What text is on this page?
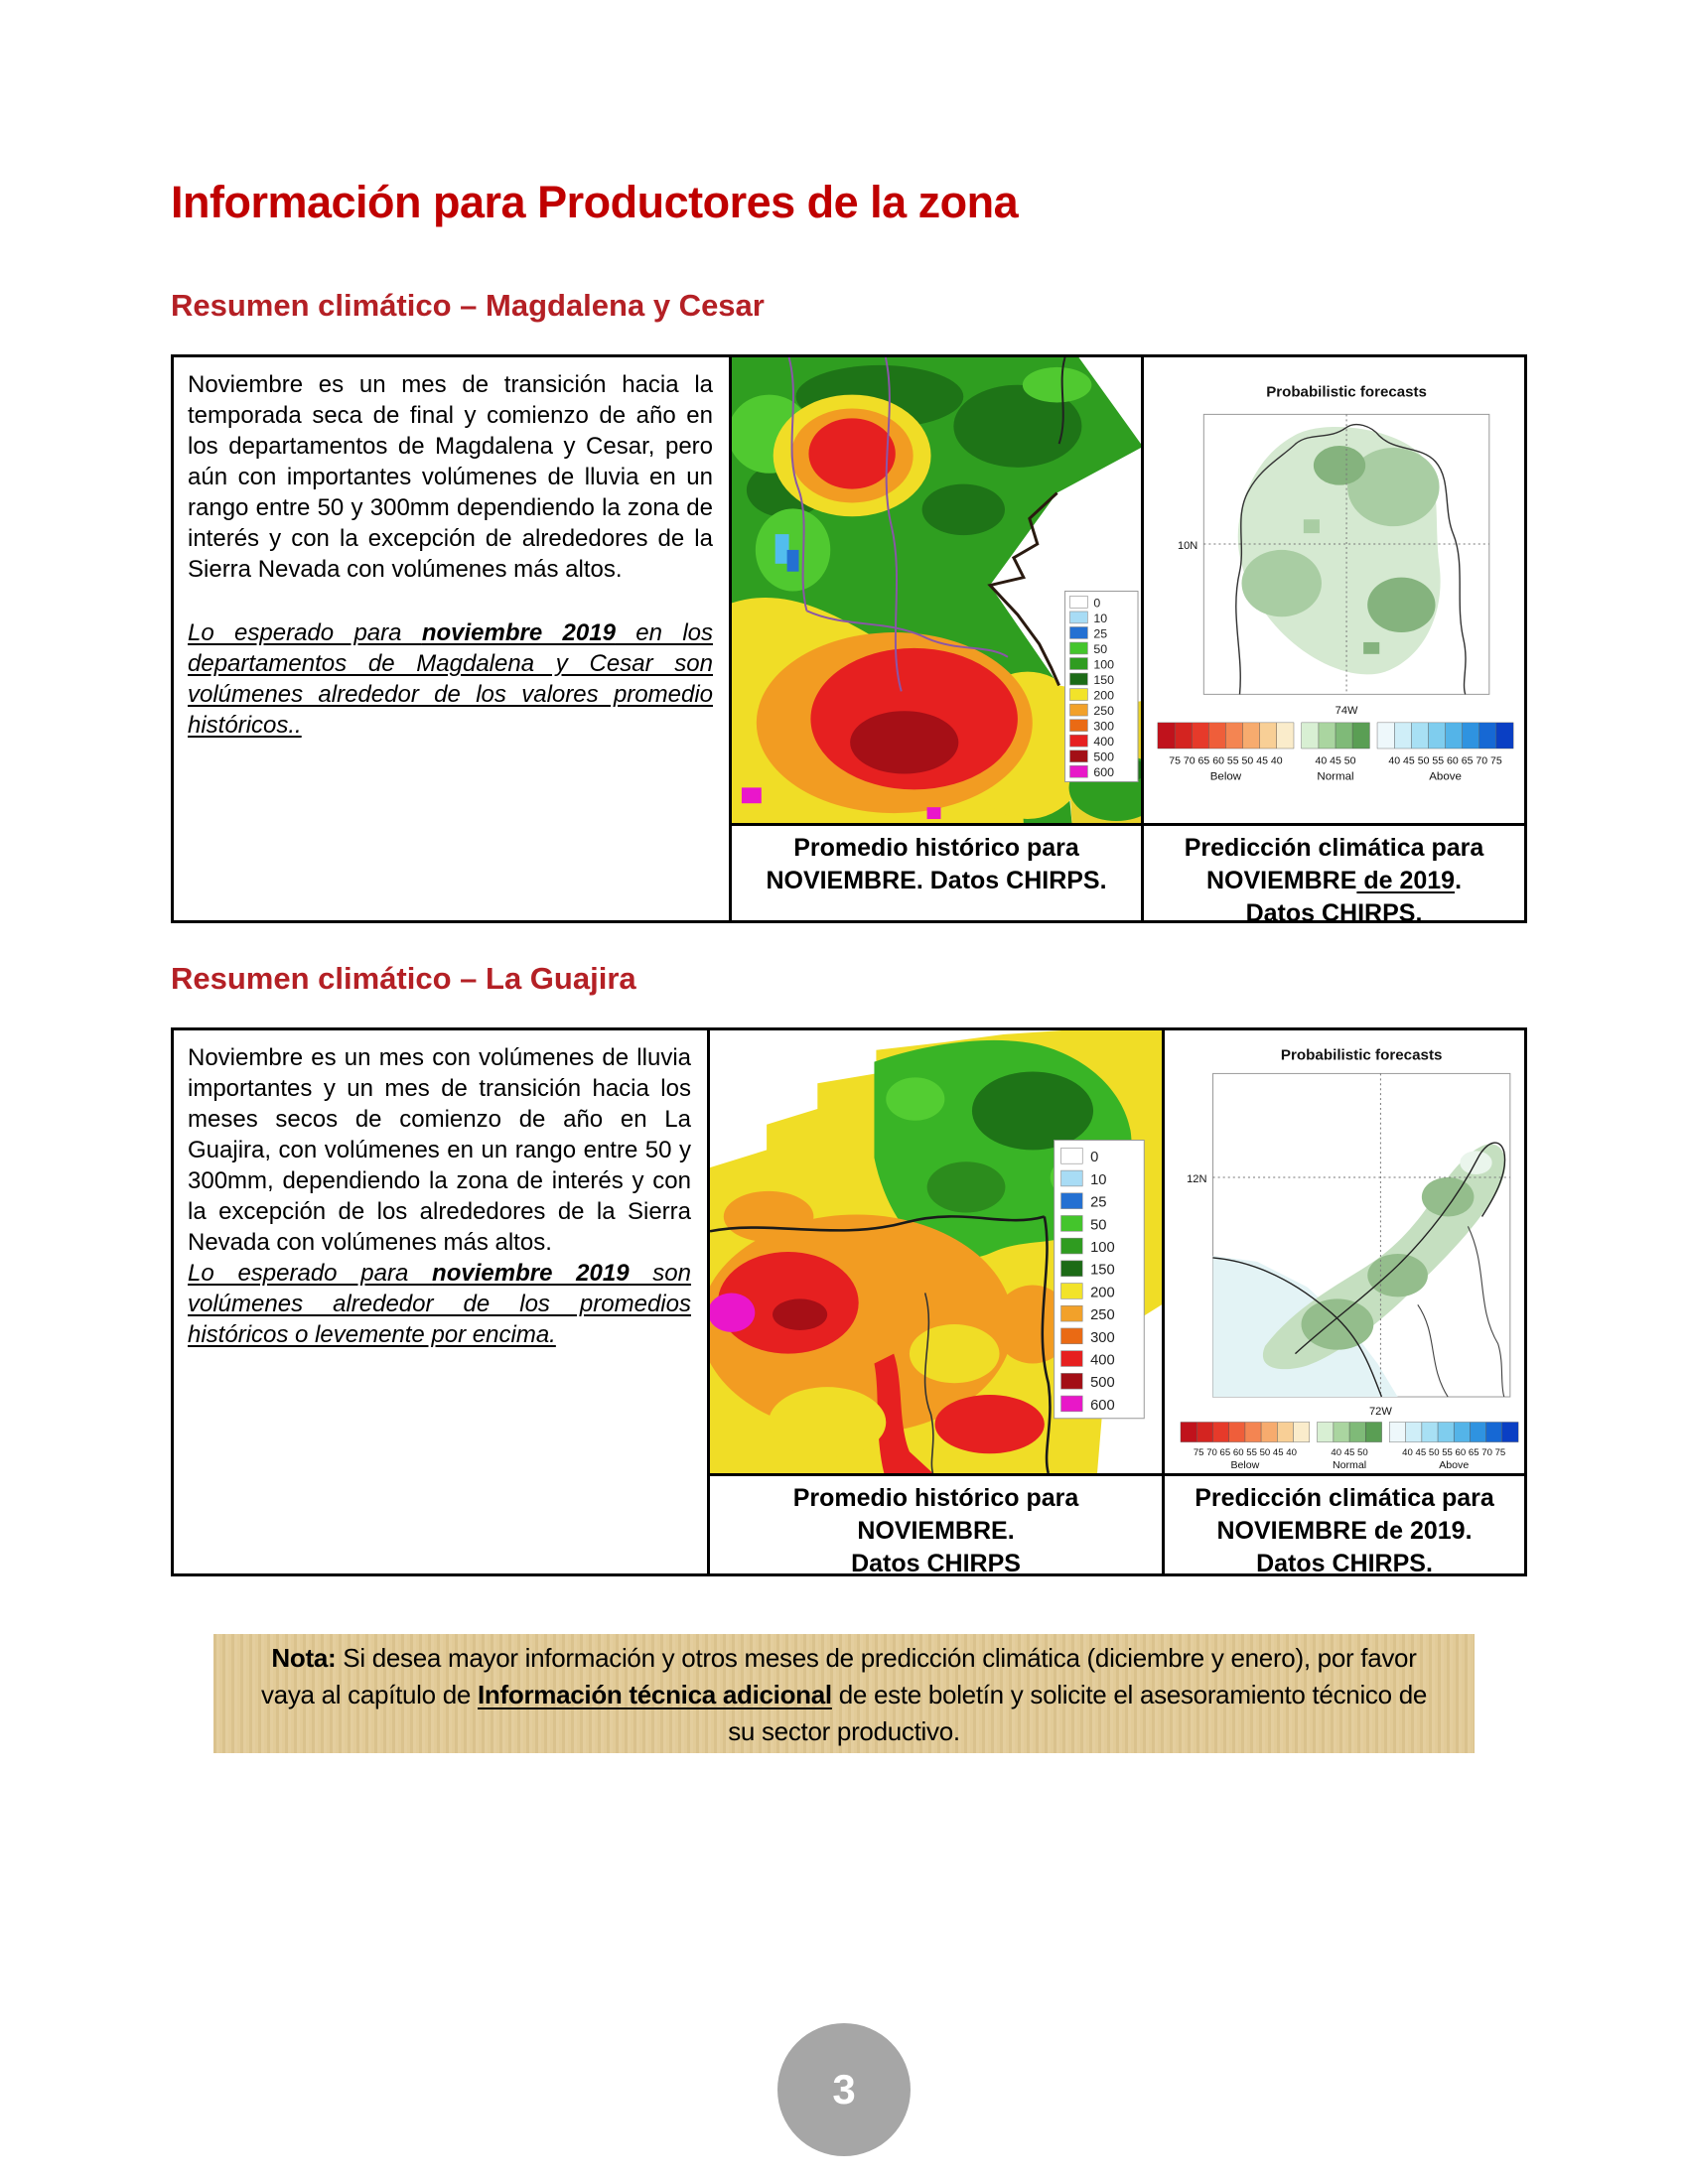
Información para Productores de la zona
Resumen climático – Magdalena y Cesar
Noviembre es un mes de transición hacia la temporada seca de final y comienzo de año en los departamentos de Magdalena y Cesar, pero aún con importantes volúmenes de lluvia en un rango entre 50 y 300mm dependiendo la zona de interés y con la excepción de alrededores de la Sierra Nevada con volúmenes más altos.
Lo esperado para noviembre 2019 en los departamentos de Magdalena y Cesar son volúmenes alrededor de los valores promedio históricos..
0
10
25
50
100
150
200
250
300
400
500
600
Probabilistic forecasts
10N
74W
75 70 65 60 55 50 45 40	40 45 50	40 45 50 55 60 65 70 75
Below	Normal	Above
Promedio histórico para NOVIEMBRE. Datos CHIRPS.
Predicción climática para NOVIEMBRE de 2019. Datos CHIRPS.
Resumen climático – La Guajira
Noviembre es un mes con volúmenes de lluvia importantes y un mes de transición hacia los meses secos de comienzo de año en La Guajira, con volúmenes en un rango entre 50 y 300mm, dependiendo la zona de interés y con la excepción de los alrededores de la Sierra Nevada con volúmenes más altos.
Lo esperado para noviembre 2019 son volúmenes alrededor de los promedios históricos o levemente por encima.
0
10
25
50
100
150
200
250
300
400
500
600
Probabilistic forecasts
12N
72W
75 70 65 60 55 50 45 40	40 45 50	40 45 50 55 60 65 70 75
Below	Normal	Above
Promedio histórico para
NOVIEMBRE.
Datos CHIRPS
Predicción climática para NOVIEMBRE de 2019. Datos CHIRPS.
Nota: Si desea mayor información y otros meses de predicción climática (diciembre y enero), por favor vaya al capítulo de Información técnica adicional de este boletín y solicite el asesoramiento técnico de su sector productivo.
3
